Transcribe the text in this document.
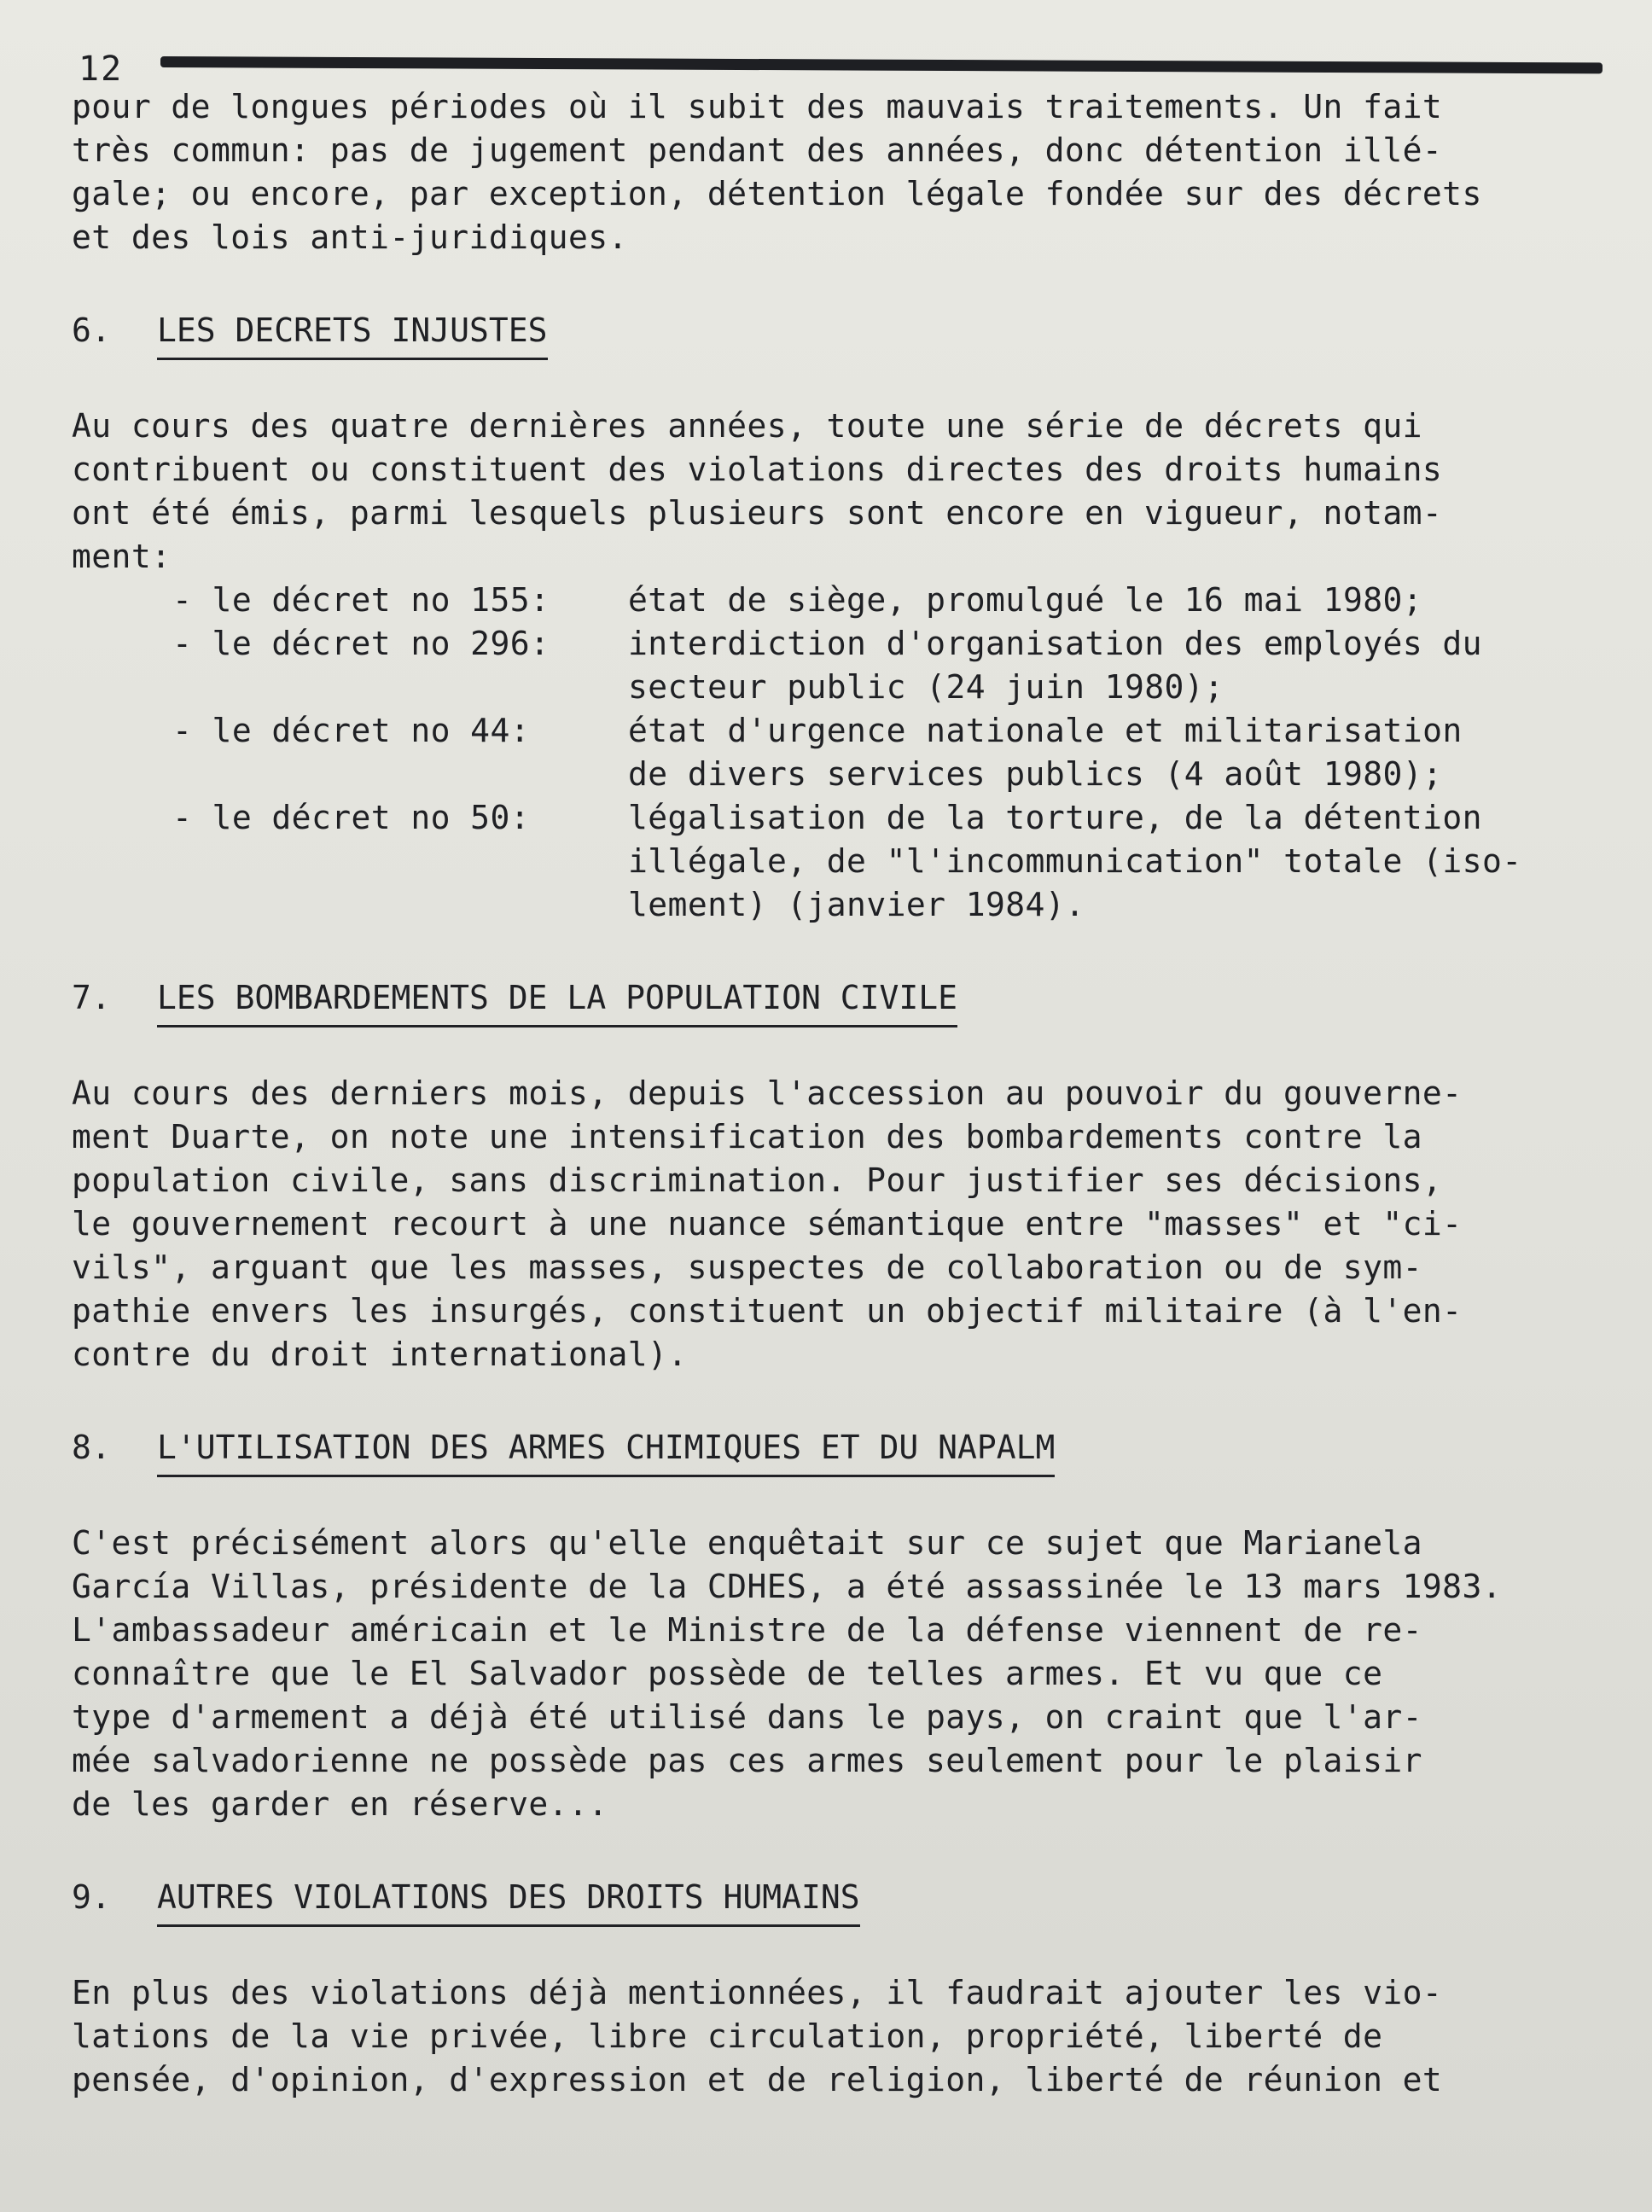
12

pour de longues périodes où il subit des mauvais traitements. Un fait
très commun: pas de jugement pendant des années, donc détention illé-
gale; ou encore, par exception, détention légale fondée sur des décrets
et des lois anti-juridiques.

6. LES DECRETS INJUSTES

Au cours des quatre dernières années, toute une série de décrets qui
contribuent ou constituent des violations directes des droits humains
ont été émis, parmi lesquels plusieurs sont encore en vigueur, notam-
ment:

- le décret no 155:	état de siège, promulgué le 16 mai 1980;
- le décret no 296:	interdiction d'organisation des employés du
secteur public (24 juin 1980);
- le décret no 44:	état d'urgence nationale et militarisation
de divers services publics (4 août 1980);
- le décret no 50:	légalisation de la torture, de la détention
illégale, de "l'incommunication" totale (iso-
lement) (janvier 1984).
7. LES BOMBARDEMENTS DE LA POPULATION CIVILE

Au cours des derniers mois, depuis l'accession au pouvoir du gouverne-
ment Duarte, on note une intensification des bombardements contre la
population civile, sans discrimination. Pour justifier ses décisions,
le gouvernement recourt à une nuance sémantique entre "masses" et "ci-
vils", arguant que les masses, suspectes de collaboration ou de sym-
pathie envers les insurgés, constituent un objectif militaire (à l'en-
contre du droit international).

8. L'UTILISATION DES ARMES CHIMIQUES ET DU NAPALM

C'est précisément alors qu'elle enquêtait sur ce sujet que Marianela
García Villas, présidente de la CDHES, a été assassinée le 13 mars 1983.
L'ambassadeur américain et le Ministre de la défense viennent de re-
connaître que le El Salvador possède de telles armes. Et vu que ce
type d'armement a déjà été utilisé dans le pays, on craint que l'ar-
mée salvadorienne ne possède pas ces armes seulement pour le plaisir
de les garder en réserve...

9. AUTRES VIOLATIONS DES DROITS HUMAINS

En plus des violations déjà mentionnées, il faudrait ajouter les vio-
lations de la vie privée, libre circulation, propriété, liberté de
pensée, d'opinion, d'expression et de religion, liberté de réunion et
